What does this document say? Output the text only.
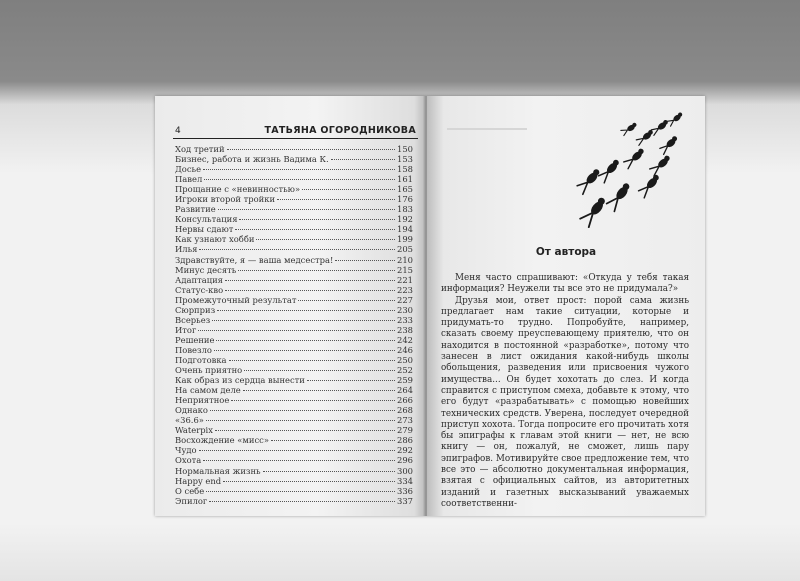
4	ТАТЬЯНА ОГОРОДНИКОВА
Ход третий	150
Бизнес, работа и жизнь Вадима К.	153
Досье	158
Павел	161
Прощание с «невинностью»	165
Игроки второй тройки	176
Развитие	183
Консультация	192
Нервы сдают	194
Как узнают хобби	199
Илья	205
Здравствуйте, я — ваша медсестра!	210
Минус десять	215
Адаптация	221
Статус-кво	223
Промежуточный результат	227
Сюрприз	230
Всерьез	233
Итог	238
Решение	242
Повезло	246
Подготовка	250
Очень приятно	252
Как образ из сердца вынести	259
На самом деле	264
Неприятное	266
Однако	268
«36.6»	273
Waterpix	279
Восхождение «мисс»	286
Чудо	292
Охота	296
Нормальная жизнь	300
Happy end	334
О себе	336
Эпилог	337
От автора

Меня часто спрашивают: «Откуда у тебя такая информация? Неужели ты все это не придумала?»

Друзья мои, ответ прост: порой сама жизнь предлагает нам такие ситуации, которые и придумать-то трудно. Попробуйте, например, сказать своему преуспевающему приятелю, что он находится в постоянной «разработке», потому что занесен в лист ожидания какой-нибудь школы обольщения, разведения или присвоения чужого имущества... Он будет хохотать до слез. И когда справится с приступом смеха, добавьте к этому, что его будут «разрабатывать» с помощью новейших технических средств. Уверена, последует очередной приступ хохота. Тогда попросите его прочитать хотя бы эпиграфы к главам этой книги — нет, не всю книгу — он, пожалуй, не сможет, лишь пару эпиграфов. Мотивируйте свое предложение тем, что все это — абсолютно документальная информация, взятая с официальных сайтов, из авторитетных изданий и газетных высказываний уважаемых соответственни-
